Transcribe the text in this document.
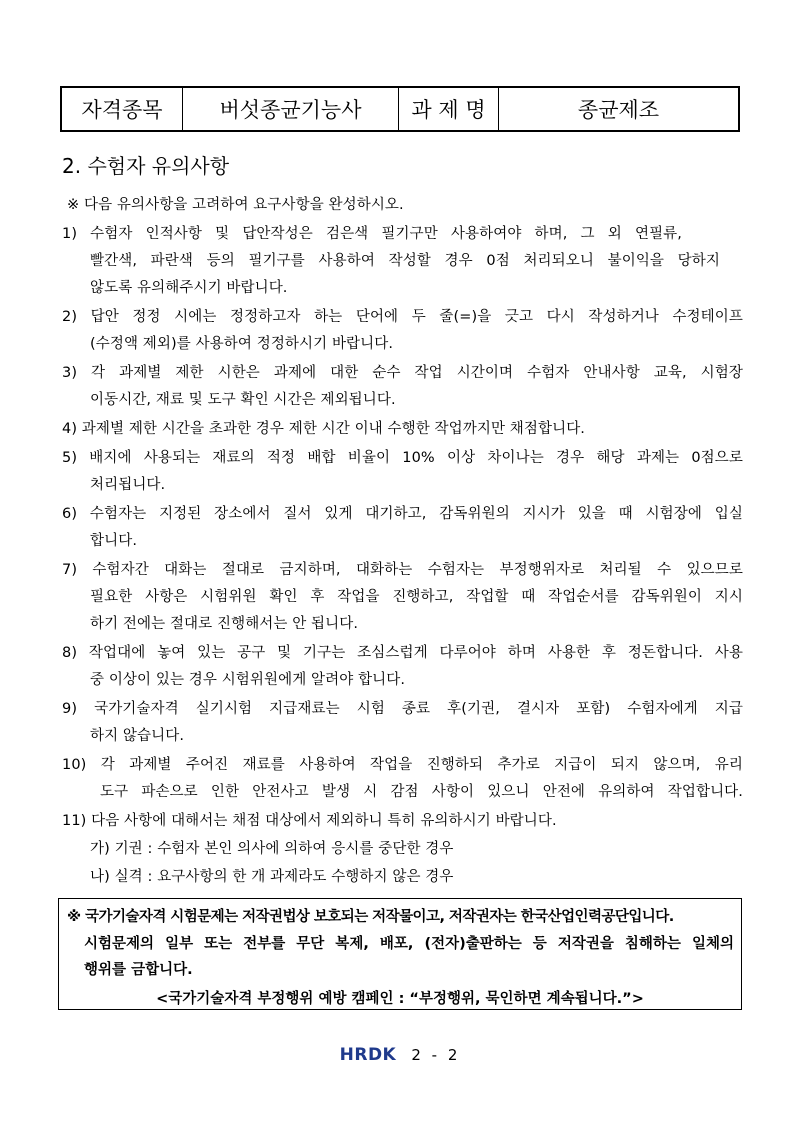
자격종목	버섯종균기능사	과 제 명	종균제조
2. 수험자 유의사항
※ 다음 유의사항을 고려하여 요구사항을 완성하시오.
1) 수험자 인적사항 및 답안작성은 검은색 필기구만 사용하여야 하며, 그 외 연필류,
빨간색, 파란색 등의 필기구를 사용하여 작성할 경우 0점 처리되오니 불이익을 당하지
않도록 유의해주시기 바랍니다.
2) 답안 정정 시에는 정정하고자 하는 단어에 두 줄(=)을 긋고 다시 작성하거나 수정테이프
(수정액 제외)를 사용하여 정정하시기 바랍니다.
3) 각 과제별 제한 시한은 과제에 대한 순수 작업 시간이며 수험자 안내사항 교육, 시험장
이동시간, 재료 및 도구 확인 시간은 제외됩니다.
4) 과제별 제한 시간을 초과한 경우 제한 시간 이내 수행한 작업까지만 채점합니다.
5) 배지에 사용되는 재료의 적정 배합 비율이 10% 이상 차이나는 경우 해당 과제는 0점으로
처리됩니다.
6) 수험자는 지정된 장소에서 질서 있게 대기하고, 감독위원의 지시가 있을 때 시험장에 입실
합니다.
7) 수험자간 대화는 절대로 금지하며, 대화하는 수험자는 부정행위자로 처리될 수 있으므로
필요한 사항은 시험위원 확인 후 작업을 진행하고, 작업할 때 작업순서를 감독위원이 지시
하기 전에는 절대로 진행해서는 안 됩니다.
8) 작업대에 놓여 있는 공구 및 기구는 조심스럽게 다루어야 하며 사용한 후 정돈합니다. 사용
중 이상이 있는 경우 시험위원에게 알려야 합니다.
9) 국가기술자격 실기시험 지급재료는 시험 종료 후(기권, 결시자 포함) 수험자에게 지급
하지 않습니다.
10) 각 과제별 주어진 재료를 사용하여 작업을 진행하되 추가로 지급이 되지 않으며, 유리
도구 파손으로 인한 안전사고 발생 시 감점 사항이 있으니 안전에 유의하여 작업합니다.
11) 다음 사항에 대해서는 채점 대상에서 제외하니 특히 유의하시기 바랍니다.
가) 기권 : 수험자 본인 의사에 의하여 응시를 중단한 경우
나) 실격 : 요구사항의 한 개 과제라도 수행하지 않은 경우
※ 국가기술자격 시험문제는 저작권법상 보호되는 저작물이고, 저작권자는 한국산업인력공단입니다.
시험문제의 일부 또는 전부를 무단 복제, 배포, (전자)출판하는 등 저작권을 침해하는 일체의
행위를 금합니다.
<국가기술자격 부정행위 예방 캠페인 : “부정행위, 묵인하면 계속됩니다.”>
HRDK 2 - 2
